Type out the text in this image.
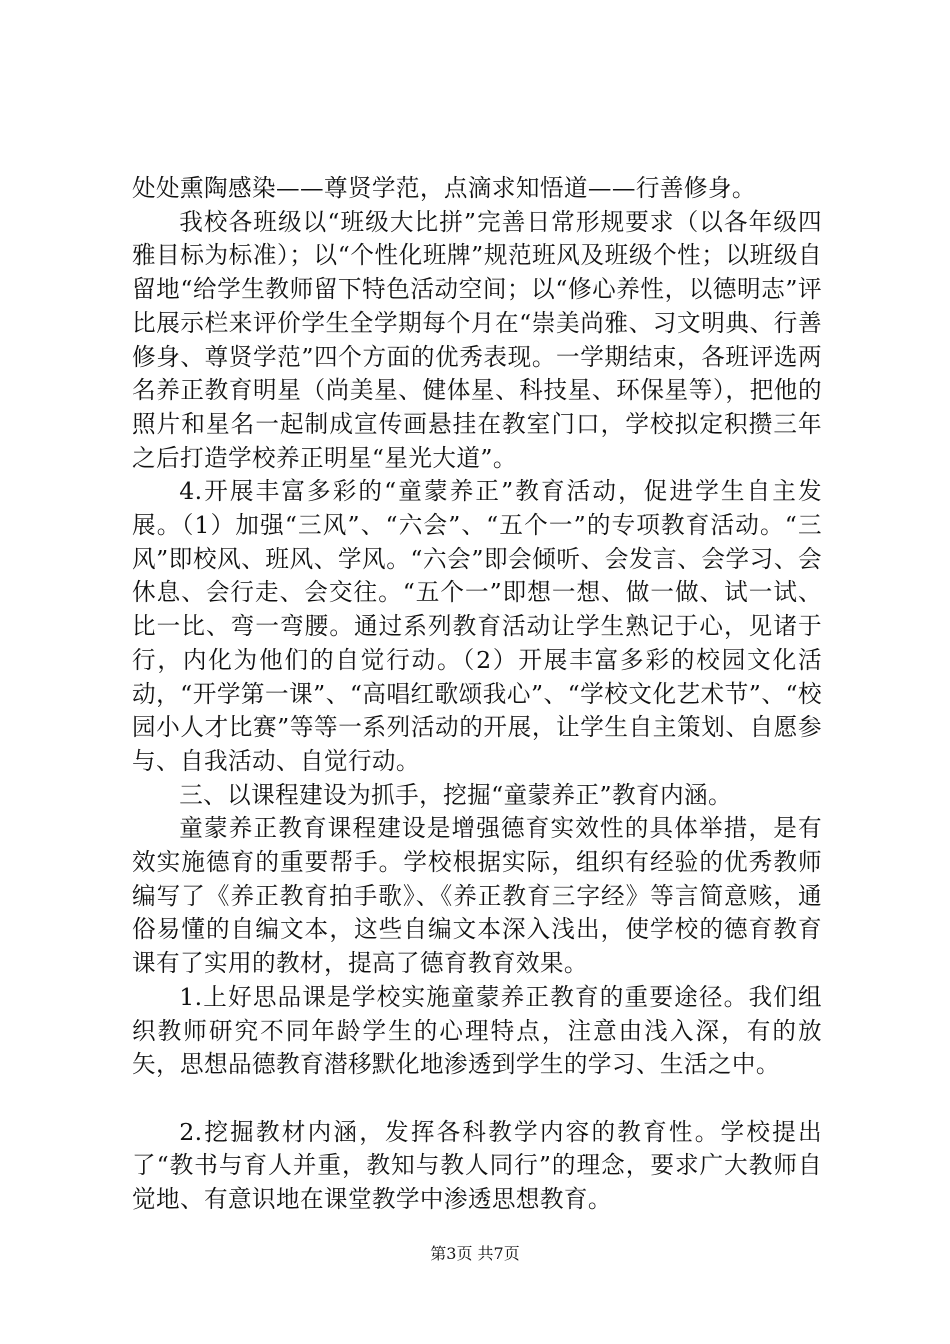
处处熏陶感染——尊贤学范，点滴求知悟道——行善修身。

我校各班级以“班级大比拼”完善日常形规要求（以各年级四雅目标为标准）；以“个性化班牌”规范班风及班级个性；以班级自留地“给学生教师留下特色活动空间；以“修心养性，以德明志”评比展示栏来评价学生全学期每个月在“崇美尚雅、习文明典、行善修身、尊贤学范”四个方面的优秀表现。一学期结束，各班评选两名养正教育明星（尚美星、健体星、科技星、环保星等），把他的照片和星名一起制成宣传画悬挂在教室门口，学校拟定积攒三年之后打造学校养正明星“星光大道”。

4.开展丰富多彩的“童蒙养正”教育活动，促进学生自主发展。（1）加强“三风”、“六会”、“五个一”的专项教育活动。“三风”即校风、班风、学风。“六会”即会倾听、会发言、会学习、会休息、会行走、会交往。“五个一”即想一想、做一做、试一试、比一比、弯一弯腰。通过系列教育活动让学生熟记于心，见诸于行，内化为他们的自觉行动。（2）开展丰富多彩的校园文化活动，“开学第一课”、“高唱红歌颂我心”、“学校文化艺术节”、“校园小人才比赛”等等一系列活动的开展，让学生自主策划、自愿参与、自我活动、自觉行动。

三、以课程建设为抓手，挖掘“童蒙养正”教育内涵。

童蒙养正教育课程建设是增强德育实效性的具体举措，是有效实施德育的重要帮手。学校根据实际，组织有经验的优秀教师编写了《养正教育拍手歌》、《养正教育三字经》等言简意赅，通俗易懂的自编文本，这些自编文本深入浅出，使学校的德育教育课有了实用的教材，提高了德育教育效果。

1.上好思品课是学校实施童蒙养正教育的重要途径。我们组织教师研究不同年龄学生的心理特点，注意由浅入深，有的放矢，思想品德教育潜移默化地渗透到学生的学习、生活之中。

2.挖掘教材内涵，发挥各科教学内容的教育性。学校提出了“教书与育人并重，教知与教人同行”的理念，要求广大教师自觉地、有意识地在课堂教学中渗透思想教育。

第3页 共7页
